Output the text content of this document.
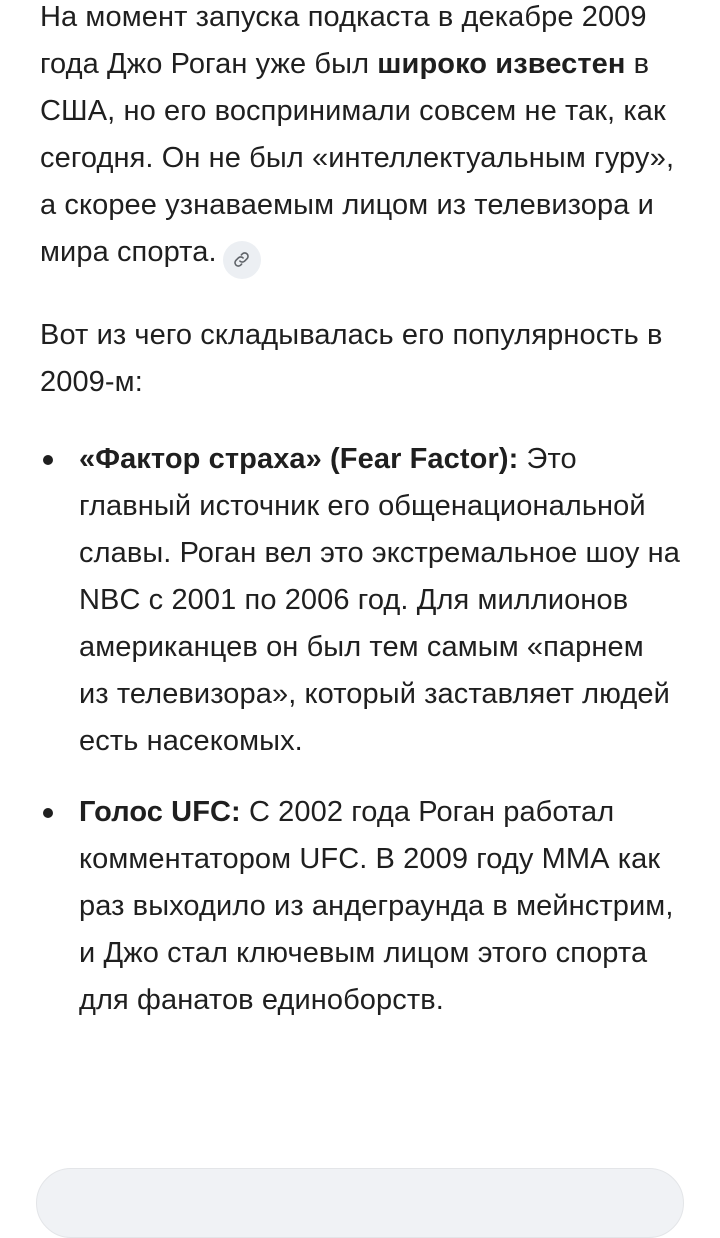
На момент запуска подкаста в декабре 2009 года Джо Роган уже был широко известен в США, но его воспринимали совсем не так, как сегодня. Он не был «интеллектуальным гуру», а скорее узнаваемым лицом из телевизора и мира спорта.

Вот из чего складывалась его популярность в 2009-м:

«Фактор страха» (Fear Factor): Это главный источник его общенациональной славы. Роган вел это экстремальное шоу на NBC с 2001 по 2006 год. Для миллионов американцев он был тем самым «парнем из телевизора», который заставляет людей есть насекомых.
Голос UFC: С 2002 года Роган работал комментатором UFC. В 2009 году ММА как раз выходило из андеграунда в мейнстрим, и Джо стал ключевым лицом этого спорта для фанатов единоборств.
